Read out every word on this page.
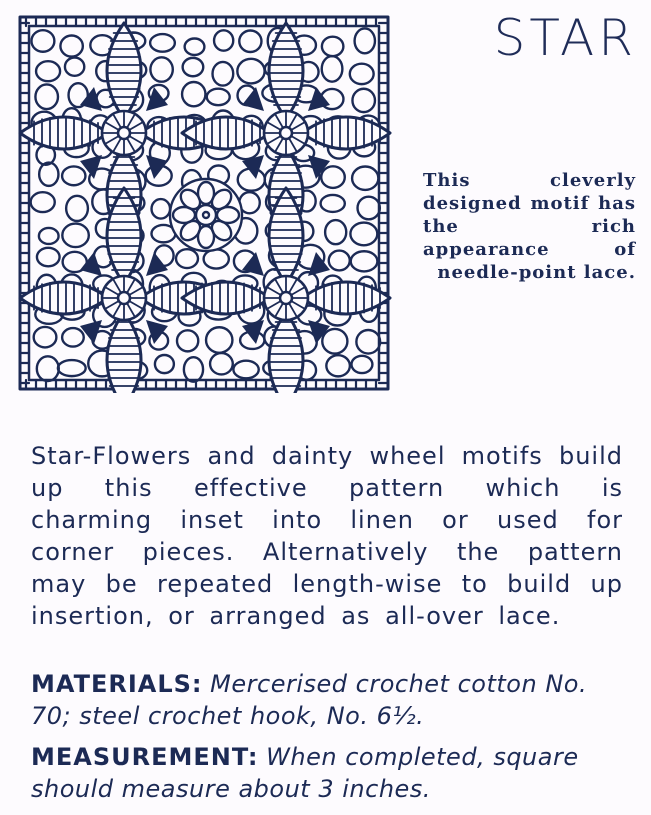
STAR

This cleverly designed motif has the rich appearance of needle-point lace.

Star-Flowers and dainty wheel motifs build up this effective pattern which is charming inset into linen or used for corner pieces. Alternatively the pattern may be repeated length-wise to build up insertion, or arranged as all-over lace.

MATERIALS: Mercerised crochet cotton No. 70; steel crochet hook, No. 6½.

MEASUREMENT: When completed, square should measure about 3 inches.
